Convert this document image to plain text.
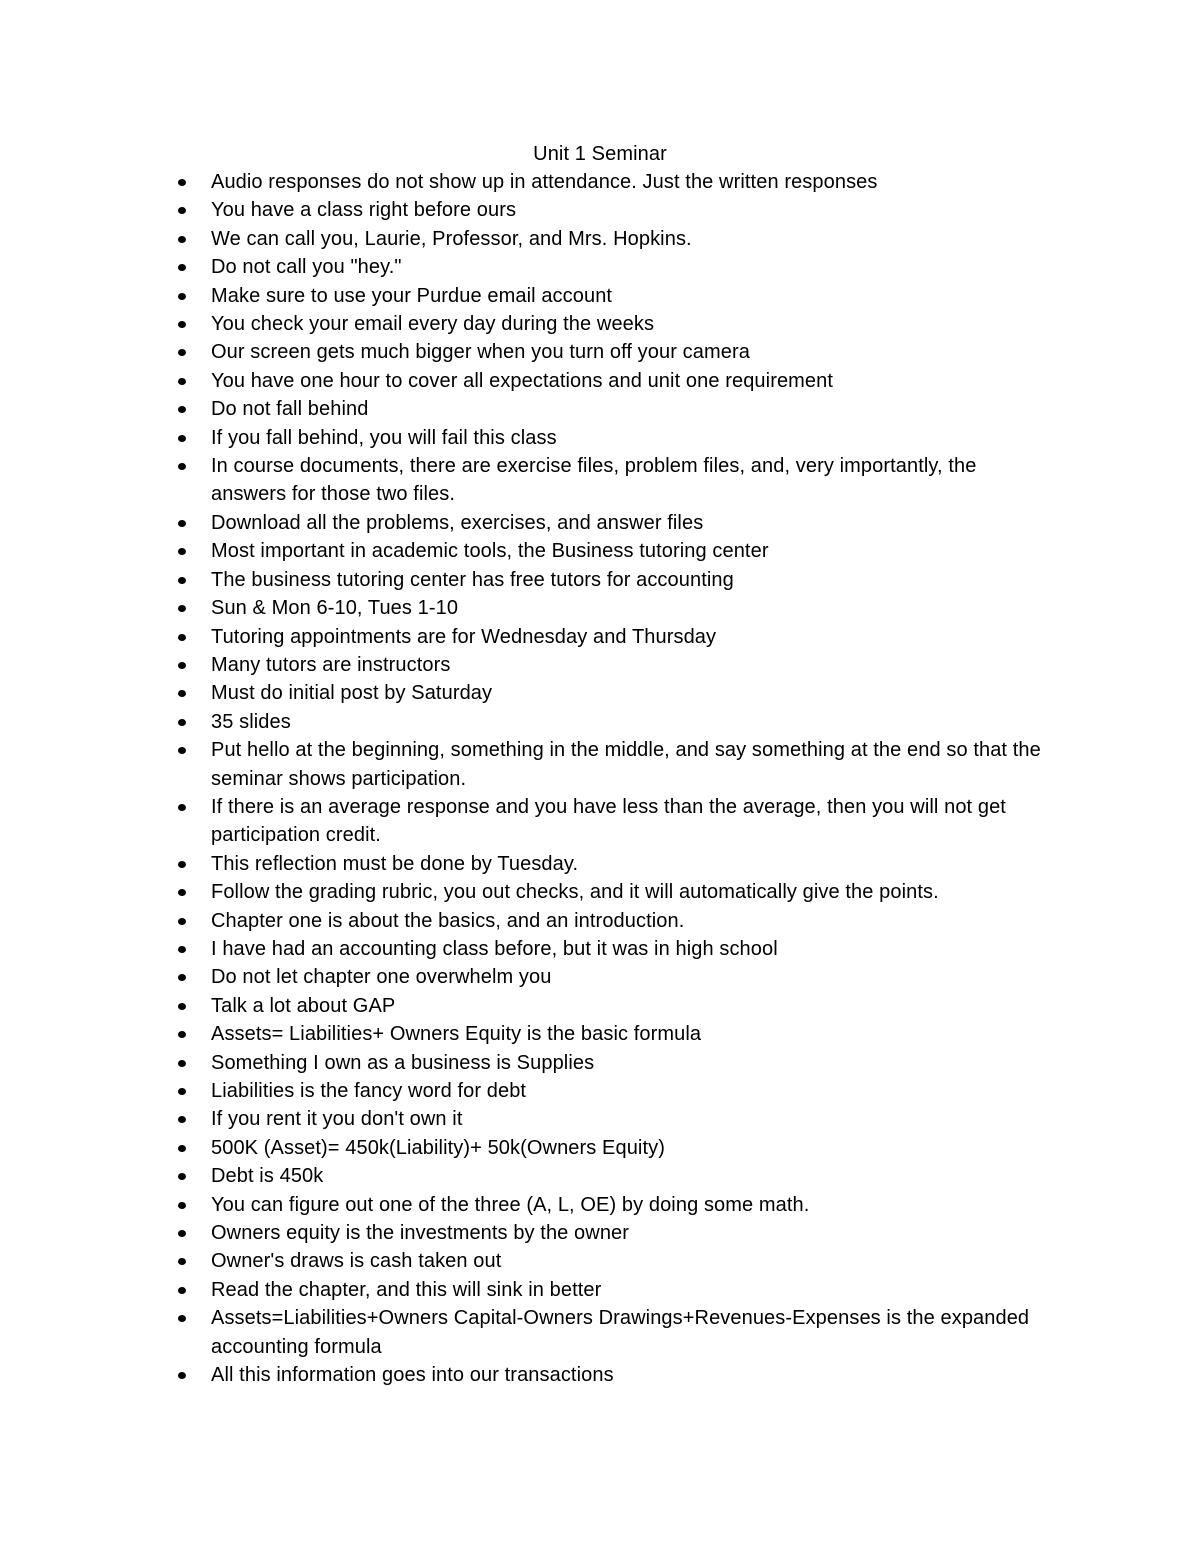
Unit 1 Seminar
Audio responses do not show up in attendance. Just the written responses
You have a class right before ours
We can call you, Laurie, Professor, and Mrs. Hopkins.
Do not call you "hey."
Make sure to use your Purdue email account
You check your email every day during the weeks
Our screen gets much bigger when you turn off your camera
You have one hour to cover all expectations and unit one requirement
Do not fall behind
If you fall behind, you will fail this class
In course documents, there are exercise files, problem files, and, very importantly, the answers for those two files.
Download all the problems, exercises, and answer files
Most important in academic tools, the Business tutoring center
The business tutoring center has free tutors for accounting
Sun & Mon 6-10, Tues 1-10
Tutoring appointments are for Wednesday and Thursday
Many tutors are instructors
Must do initial post by Saturday
35 slides
Put hello at the beginning, something in the middle, and say something at the end so that the seminar shows participation.
If there is an average response and you have less than the average, then you will not get participation credit.
This reflection must be done by Tuesday.
Follow the grading rubric, you out checks, and it will automatically give the points.
Chapter one is about the basics, and an introduction.
I have had an accounting class before, but it was in high school
Do not let chapter one overwhelm you
Talk a lot about GAP
Assets= Liabilities+ Owners Equity is the basic formula
Something I own as a business is Supplies
Liabilities is the fancy word for debt
If you rent it you don't own it
500K (Asset)= 450k(Liability)+ 50k(Owners Equity)
Debt is 450k
You can figure out one of the three (A, L, OE) by doing some math.
Owners equity is the investments by the owner
Owner's draws is cash taken out
Read the chapter, and this will sink in better
Assets=Liabilities+Owners Capital-Owners Drawings+Revenues-Expenses is the expanded accounting formula
All this information goes into our transactions
